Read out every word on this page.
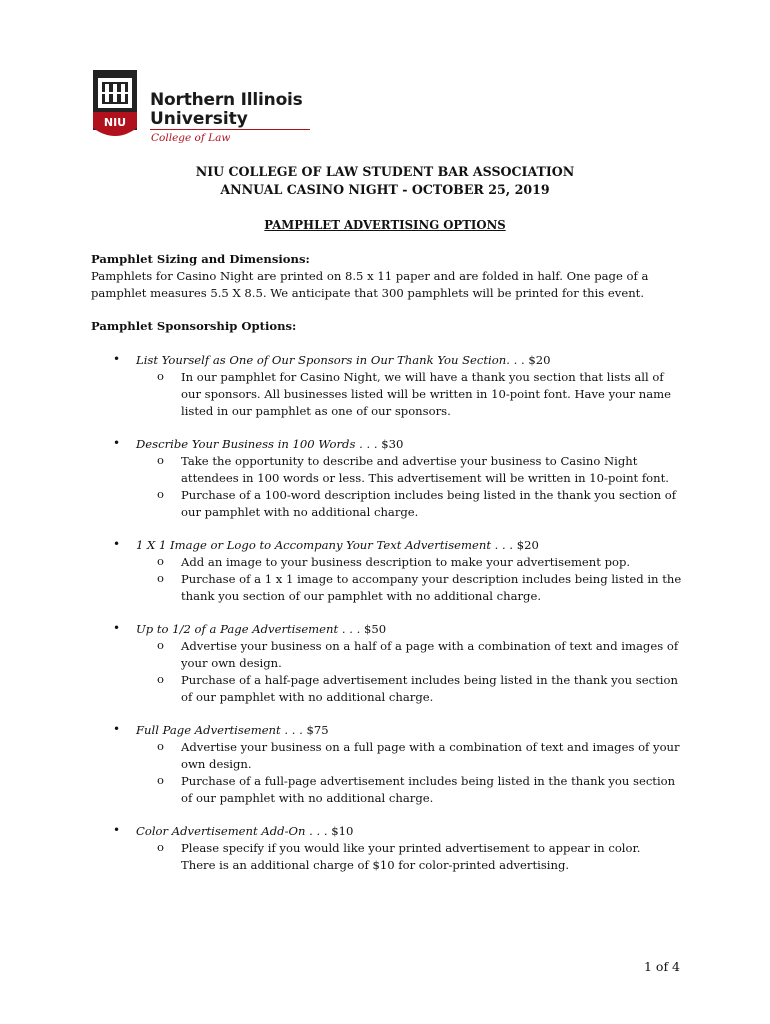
NIU
Northern Illinois
University
College of Law
NIU COLLEGE OF LAW STUDENT BAR ASSOCIATION
ANNUAL CASINO NIGHT - OCTOBER 25, 2019
PAMPHLET ADVERTISING OPTIONS
Pamphlet Sizing and Dimensions:
Pamphlets for Casino Night are printed on 8.5 x 11 paper and are folded in half. One page of a
pamphlet measures 5.5 X 8.5. We anticipate that 300 pamphlets will be printed for this event.
Pamphlet Sponsorship Options:
• List Yourself as One of Our Sponsors in Our Thank You Section. . . $20
o In our pamphlet for Casino Night, we will have a thank you section that lists all of
our sponsors. All businesses listed will be written in 10-point font. Have your name
listed in our pamphlet as one of our sponsors.
• Describe Your Business in 100 Words . . . $30
o Take the opportunity to describe and advertise your business to Casino Night
attendees in 100 words or less. This advertisement will be written in 10-point font.
o Purchase of a 100-word description includes being listed in the thank you section of
our pamphlet with no additional charge.
• 1 X 1 Image or Logo to Accompany Your Text Advertisement . . . $20
o Add an image to your business description to make your advertisement pop.
o Purchase of a 1 x 1 image to accompany your description includes being listed in the
thank you section of our pamphlet with no additional charge.
• Up to 1/2 of a Page Advertisement . . . $50
o Advertise your business on a half of a page with a combination of text and images of
your own design.
o Purchase of a half-page advertisement includes being listed in the thank you section
of our pamphlet with no additional charge.
• Full Page Advertisement . . . $75
o Advertise your business on a full page with a combination of text and images of your
own design.
o Purchase of a full-page advertisement includes being listed in the thank you section
of our pamphlet with no additional charge.
• Color Advertisement Add-On . . . $10
o Please specify if you would like your printed advertisement to appear in color.
There is an additional charge of $10 for color-printed advertising.
1 of 4
